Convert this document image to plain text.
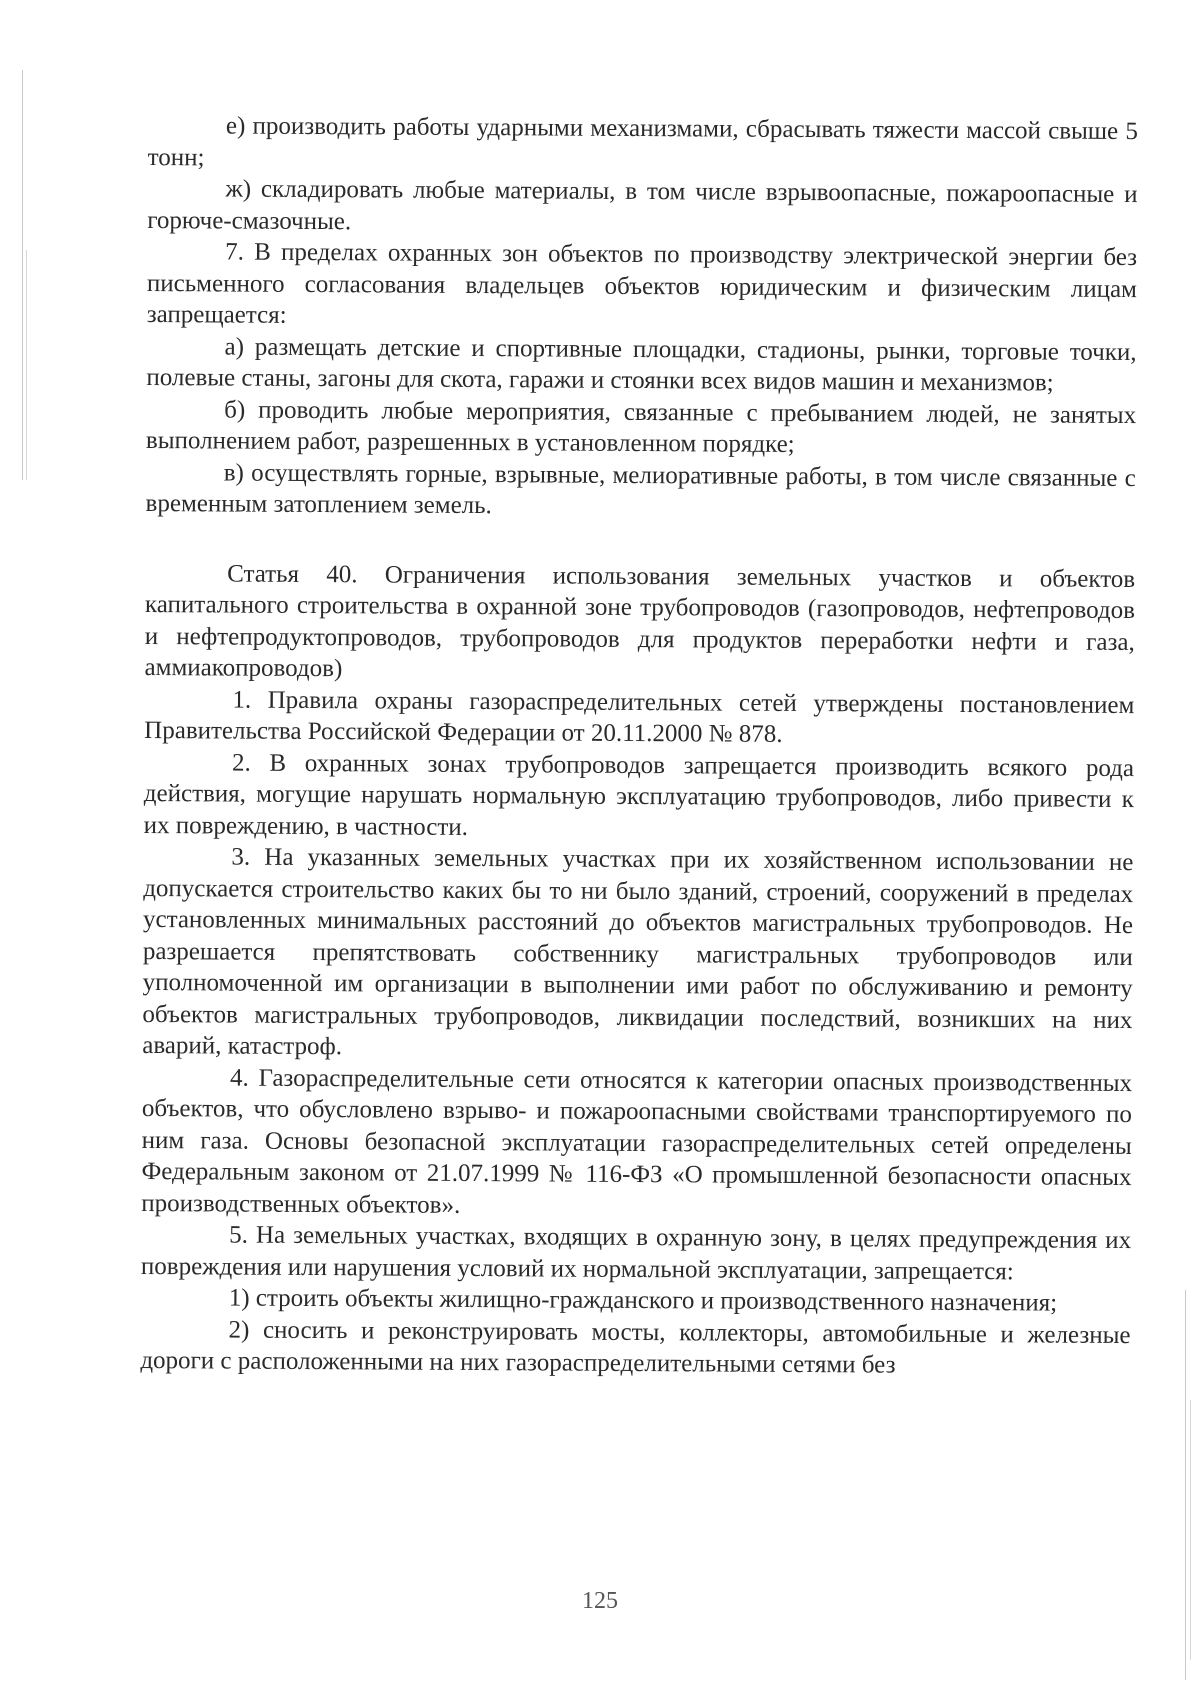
е) производить работы ударными механизмами, сбрасывать тяжести массой свыше 5 тонн;

ж) складировать любые материалы, в том числе взрывоопасные, пожароопасные и горюче-смазочные.

7. В пределах охранных зон объектов по производству электрической энергии без письменного согласования владельцев объектов юридическим и физическим лицам запрещается:

а) размещать детские и спортивные площадки, стадионы, рынки, торговые точки, полевые станы, загоны для скота, гаражи и стоянки всех видов машин и механизмов;

б) проводить любые мероприятия, связанные с пребыванием людей, не занятых выполнением работ, разрешенных в установленном порядке;

в) осуществлять горные, взрывные, мелиоративные работы, в том числе связанные с временным затоплением земель.

Статья 40. Ограничения использования земельных участков и объектов капитального строительства в охранной зоне трубопроводов (газопроводов, нефтепроводов и нефтепродуктопроводов, трубопроводов для продуктов переработки нефти и газа, аммиакопроводов)

1. Правила охраны газораспределительных сетей утверждены постановлением Правительства Российской Федерации от 20.11.2000 № 878.

2. В охранных зонах трубопроводов запрещается производить всякого рода действия, могущие нарушать нормальную эксплуатацию трубопроводов, либо привести к их повреждению, в частности.

3. На указанных земельных участках при их хозяйственном использовании не допускается строительство каких бы то ни было зданий, строений, сооружений в пределах установленных минимальных расстояний до объектов магистральных трубопроводов. Не разрешается препятствовать собственнику магистральных трубопроводов или уполномоченной им организации в выполнении ими работ по обслуживанию и ремонту объектов магистральных трубопроводов, ликвидации последствий, возникших на них аварий, катастроф.

4. Газораспределительные сети относятся к категории опасных производственных объектов, что обусловлено взрыво- и пожароопасными свойствами транспортируемого по ним газа. Основы безопасной эксплуатации газораспределительных сетей определены Федеральным законом от 21.07.1999 № 116-ФЗ «О промышленной безопасности опасных производственных объектов».

5. На земельных участках, входящих в охранную зону, в целях предупреждения их повреждения или нарушения условий их нормальной эксплуатации, запрещается:

1) строить объекты жилищно-гражданского и производственного назначения;

2) сносить и реконструировать мосты, коллекторы, автомобильные и железные дороги с расположенными на них газораспределительными сетями без

125
